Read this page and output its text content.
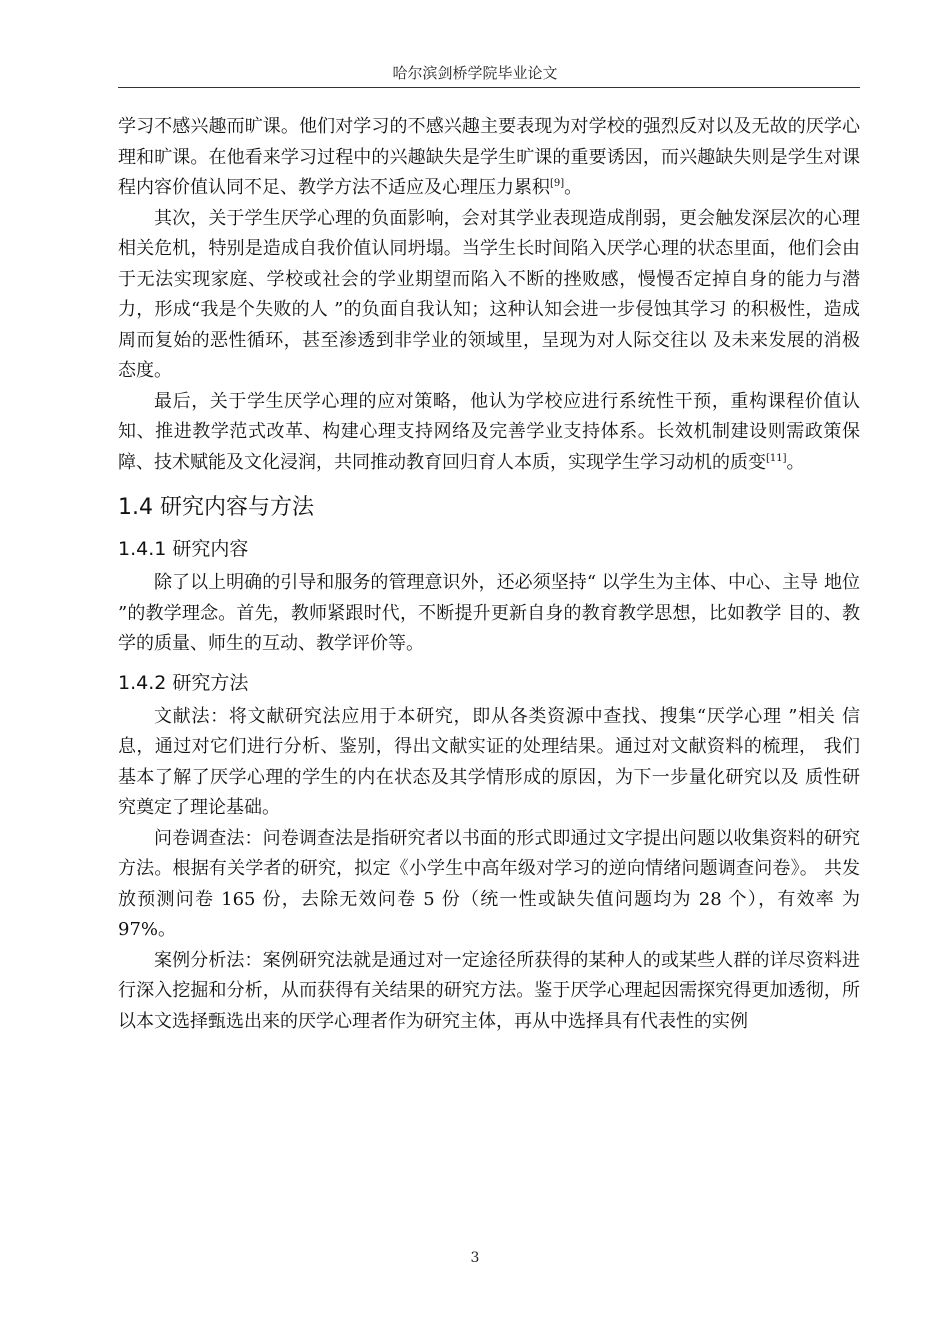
哈尔滨剑桥学院毕业论文

学习不感兴趣而旷课。他们对学习的不感兴趣主要表现为对学校的强烈反对以及无故的厌学心理和旷课。在他看来学习过程中的兴趣缺失是学生旷课的重要诱因，而兴趣缺失则是学生对课程内容价值认同不足、教学方法不适应及心理压力累积[9]。

其次，关于学生厌学心理的负面影响，会对其学业表现造成削弱，更会触发深层次的心理相关危机，特别是造成自我价值认同坍塌。当学生长时间陷入厌学心理的状态里面，他们会由于无法实现家庭、学校或社会的学业期望而陷入不断的挫败感，慢慢否定掉自身的能力与潜力，形成“我是个失败的人 ”的负面自我认知；这种认知会进一步侵蚀其学习 的积极性，造成周而复始的恶性循环，甚至渗透到非学业的领域里，呈现为对人际交往以 及未来发展的消极态度。

最后，关于学生厌学心理的应对策略，他认为学校应进行系统性干预，重构课程价值认知、推进教学范式改革、构建心理支持网络及完善学业支持体系。长效机制建设则需政策保障、技术赋能及文化浸润，共同推动教育回归育人本质，实现学生学习动机的质变[11]。

1.4 研究内容与方法
1.4.1 研究内容

除了以上明确的引导和服务的管理意识外，还必须坚持“ 以学生为主体、中心、主导 地位 ”的教学理念。首先，教师紧跟时代，不断提升更新自身的教育教学思想，比如教学 目的、教学的质量、师生的互动、教学评价等。

1.4.2 研究方法

文献法：将文献研究法应用于本研究，即从各类资源中查找、搜集“厌学心理 ”相关 信息，通过对它们进行分析、鉴别，得出文献实证的处理结果。通过对文献资料的梳理， 我们基本了解了厌学心理的学生的内在状态及其学情形成的原因，为下一步量化研究以及 质性研究奠定了理论基础。

问卷调查法：问卷调查法是指研究者以书面的形式即通过文字提出问题以收集资料的研究方法。根据有关学者的研究，拟定《小学生中高年级对学习的逆向情绪问题调查问卷》。 共发放预测问卷 165 份，去除无效问卷 5 份（统一性或缺失值问题均为 28 个），有效率 为 97%。

案例分析法：案例研究法就是通过对一定途径所获得的某种人的或某些人群的详尽资料进行深入挖掘和分析，从而获得有关结果的研究方法。鉴于厌学心理起因需探究得更加透彻，所以本文选择甄选出来的厌学心理者作为研究主体，再从中选择具有代表性的实例

3
